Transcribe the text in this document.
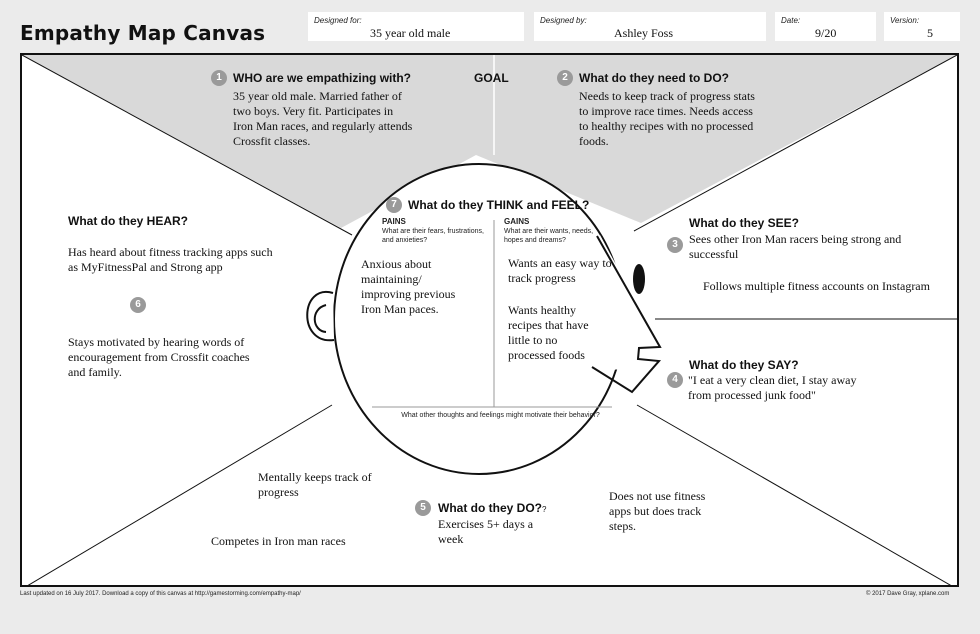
Empathy Map Canvas
Designed for:
35 year old male
Designed by:
Ashley Foss
Date:
9/20
Version:
5
1 WHO are we empathizing with?
35 year old male. Married father of two boys. Very fit. Participates in Iron Man races, and regularly attends Crossfit classes.
GOAL	2 What do they need to DO?
Needs to keep track of progress stats to improve race times. Needs access to healthy recipes with no processed foods.
What do they HEAR?
Has heard about fitness tracking apps such as MyFitnessPal and Strong app
6
Stays motivated by hearing words of encouragement from Crossfit coaches and family.
What do they SEE?
3 Sees other Iron Man racers being strong and successful
Follows multiple fitness accounts on Instagram
What do they SAY?
4 "I eat a very clean diet, I stay away from processed junk food"
5	What do they DO??
Exercises 5+ days a week
Mentally keeps track of progress
Competes in Iron man races
Does not use fitness apps but does track steps.
7 What do they THINK and FEEL?
PAINS
What are their fears, frustrations, and anxieties?
GAINS
What are their wants, needs, hopes and dreams?
Anxious about maintaining/ improving previous Iron Man paces.
Wants an easy way to track progress
Wants healthy recipes that have little to no processed foods
What other thoughts and feelings might motivate their behavior?
Last updated on 16 July 2017. Download a copy of this canvas at http://gamestorming.com/empathy-map/	© 2017 Dave Gray, xplane.com
